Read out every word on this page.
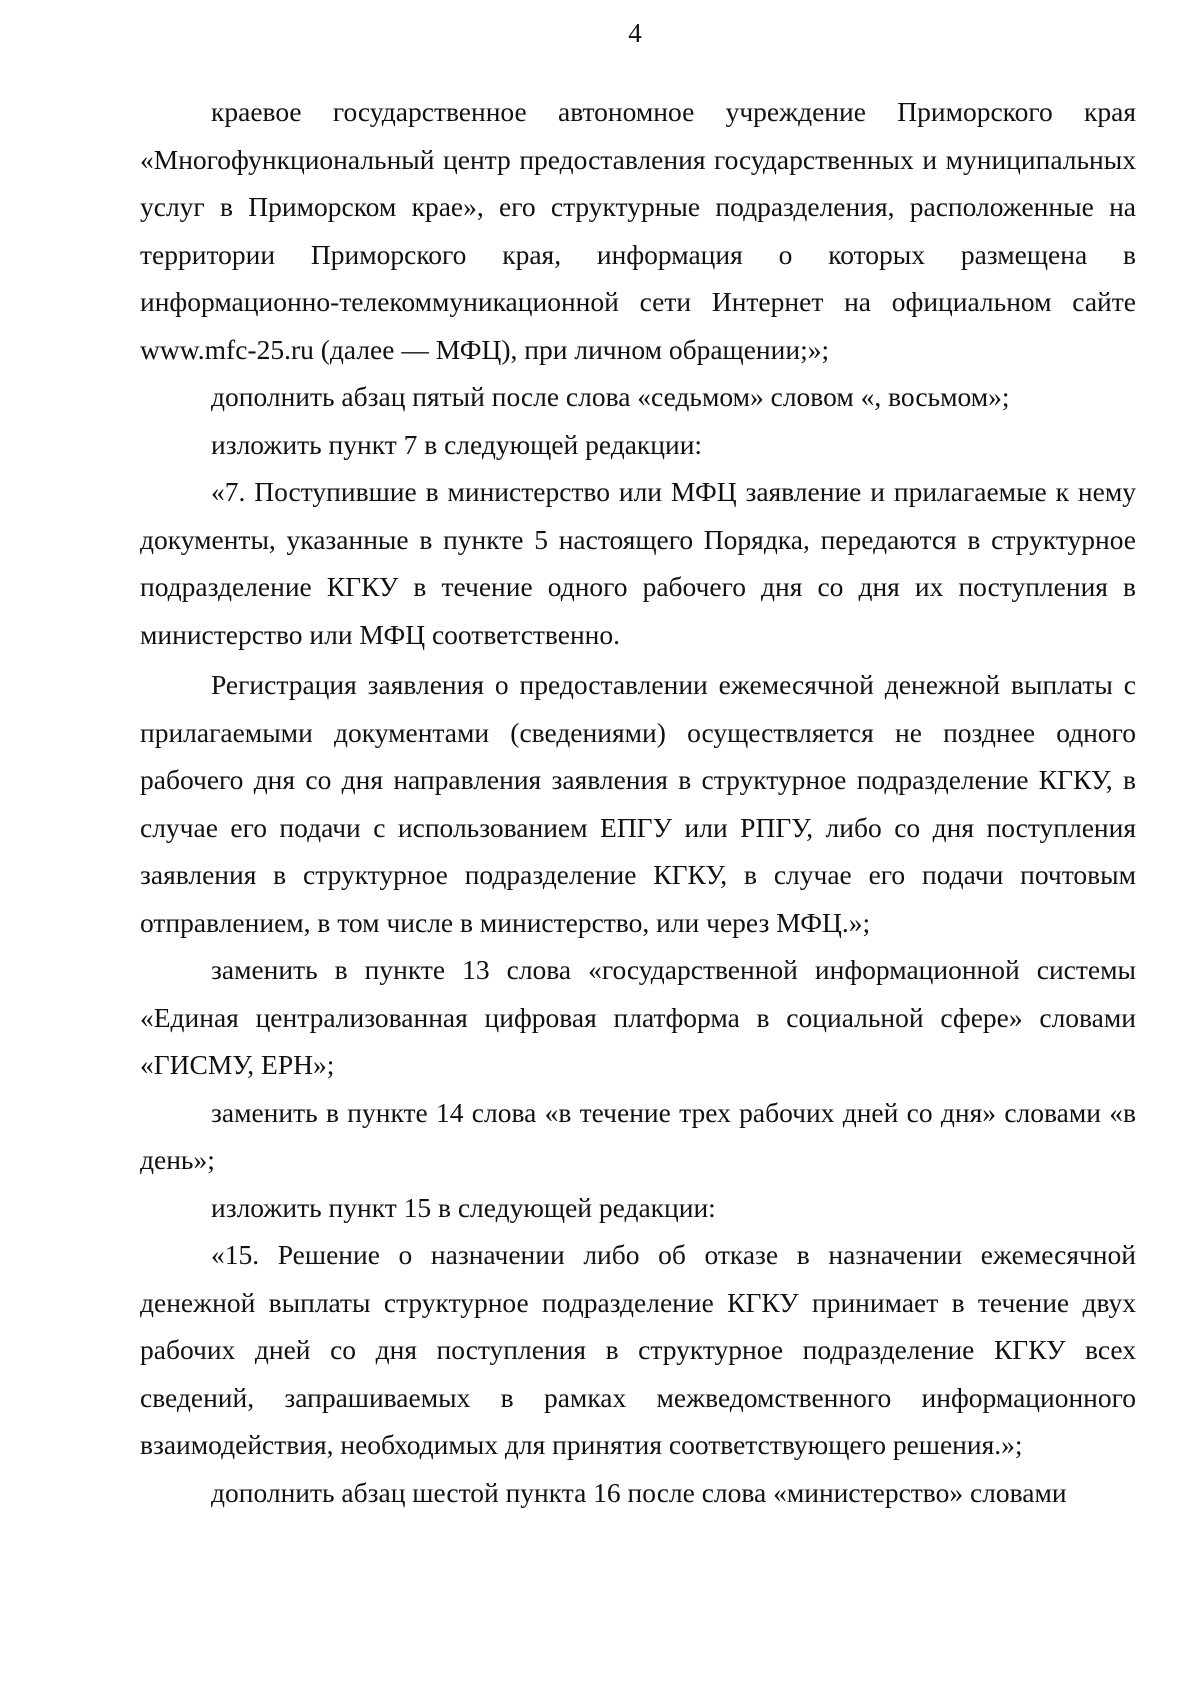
4

краевое государственное автономное учреждение Приморского края «Многофункциональный центр предоставления государственных и муниципальных услуг в Приморском крае», его структурные подразделения, расположенные на территории Приморского края, информация о которых размещена в информационно-телекоммуникационной сети Интернет на официальном сайте www.mfc-25.ru (далее — МФЦ), при личном обращении;»;

дополнить абзац пятый после слова «седьмом» словом «, восьмом»;

изложить пункт 7 в следующей редакции:

«7. Поступившие в министерство или МФЦ заявление и прилагаемые к нему документы, указанные в пункте 5 настоящего Порядка, передаются в структурное подразделение КГКУ в течение одного рабочего дня со дня их поступления в министерство или МФЦ соответственно.

Регистрация заявления о предоставлении ежемесячной денежной выплаты с прилагаемыми документами (сведениями) осуществляется не позднее одного рабочего дня со дня направления заявления в структурное подразделение КГКУ, в случае его подачи с использованием ЕПГУ или РПГУ, либо со дня поступления заявления в структурное подразделение КГКУ, в случае его подачи почтовым отправлением, в том числе в министерство, или через МФЦ.»;

заменить в пункте 13 слова «государственной информационной системы «Единая централизованная цифровая платформа в социальной сфере» словами «ГИСМУ, ЕРН»;

заменить в пункте 14 слова «в течение трех рабочих дней со дня» словами «в день»;

изложить пункт 15 в следующей редакции:

«15. Решение о назначении либо об отказе в назначении ежемесячной денежной выплаты структурное подразделение КГКУ принимает в течение двух рабочих дней со дня поступления в структурное подразделение КГКУ всех сведений, запрашиваемых в рамках межведомственного информационного взаимодействия, необходимых для принятия соответствующего решения.»;

дополнить абзац шестой пункта 16 после слова «министерство» словами
